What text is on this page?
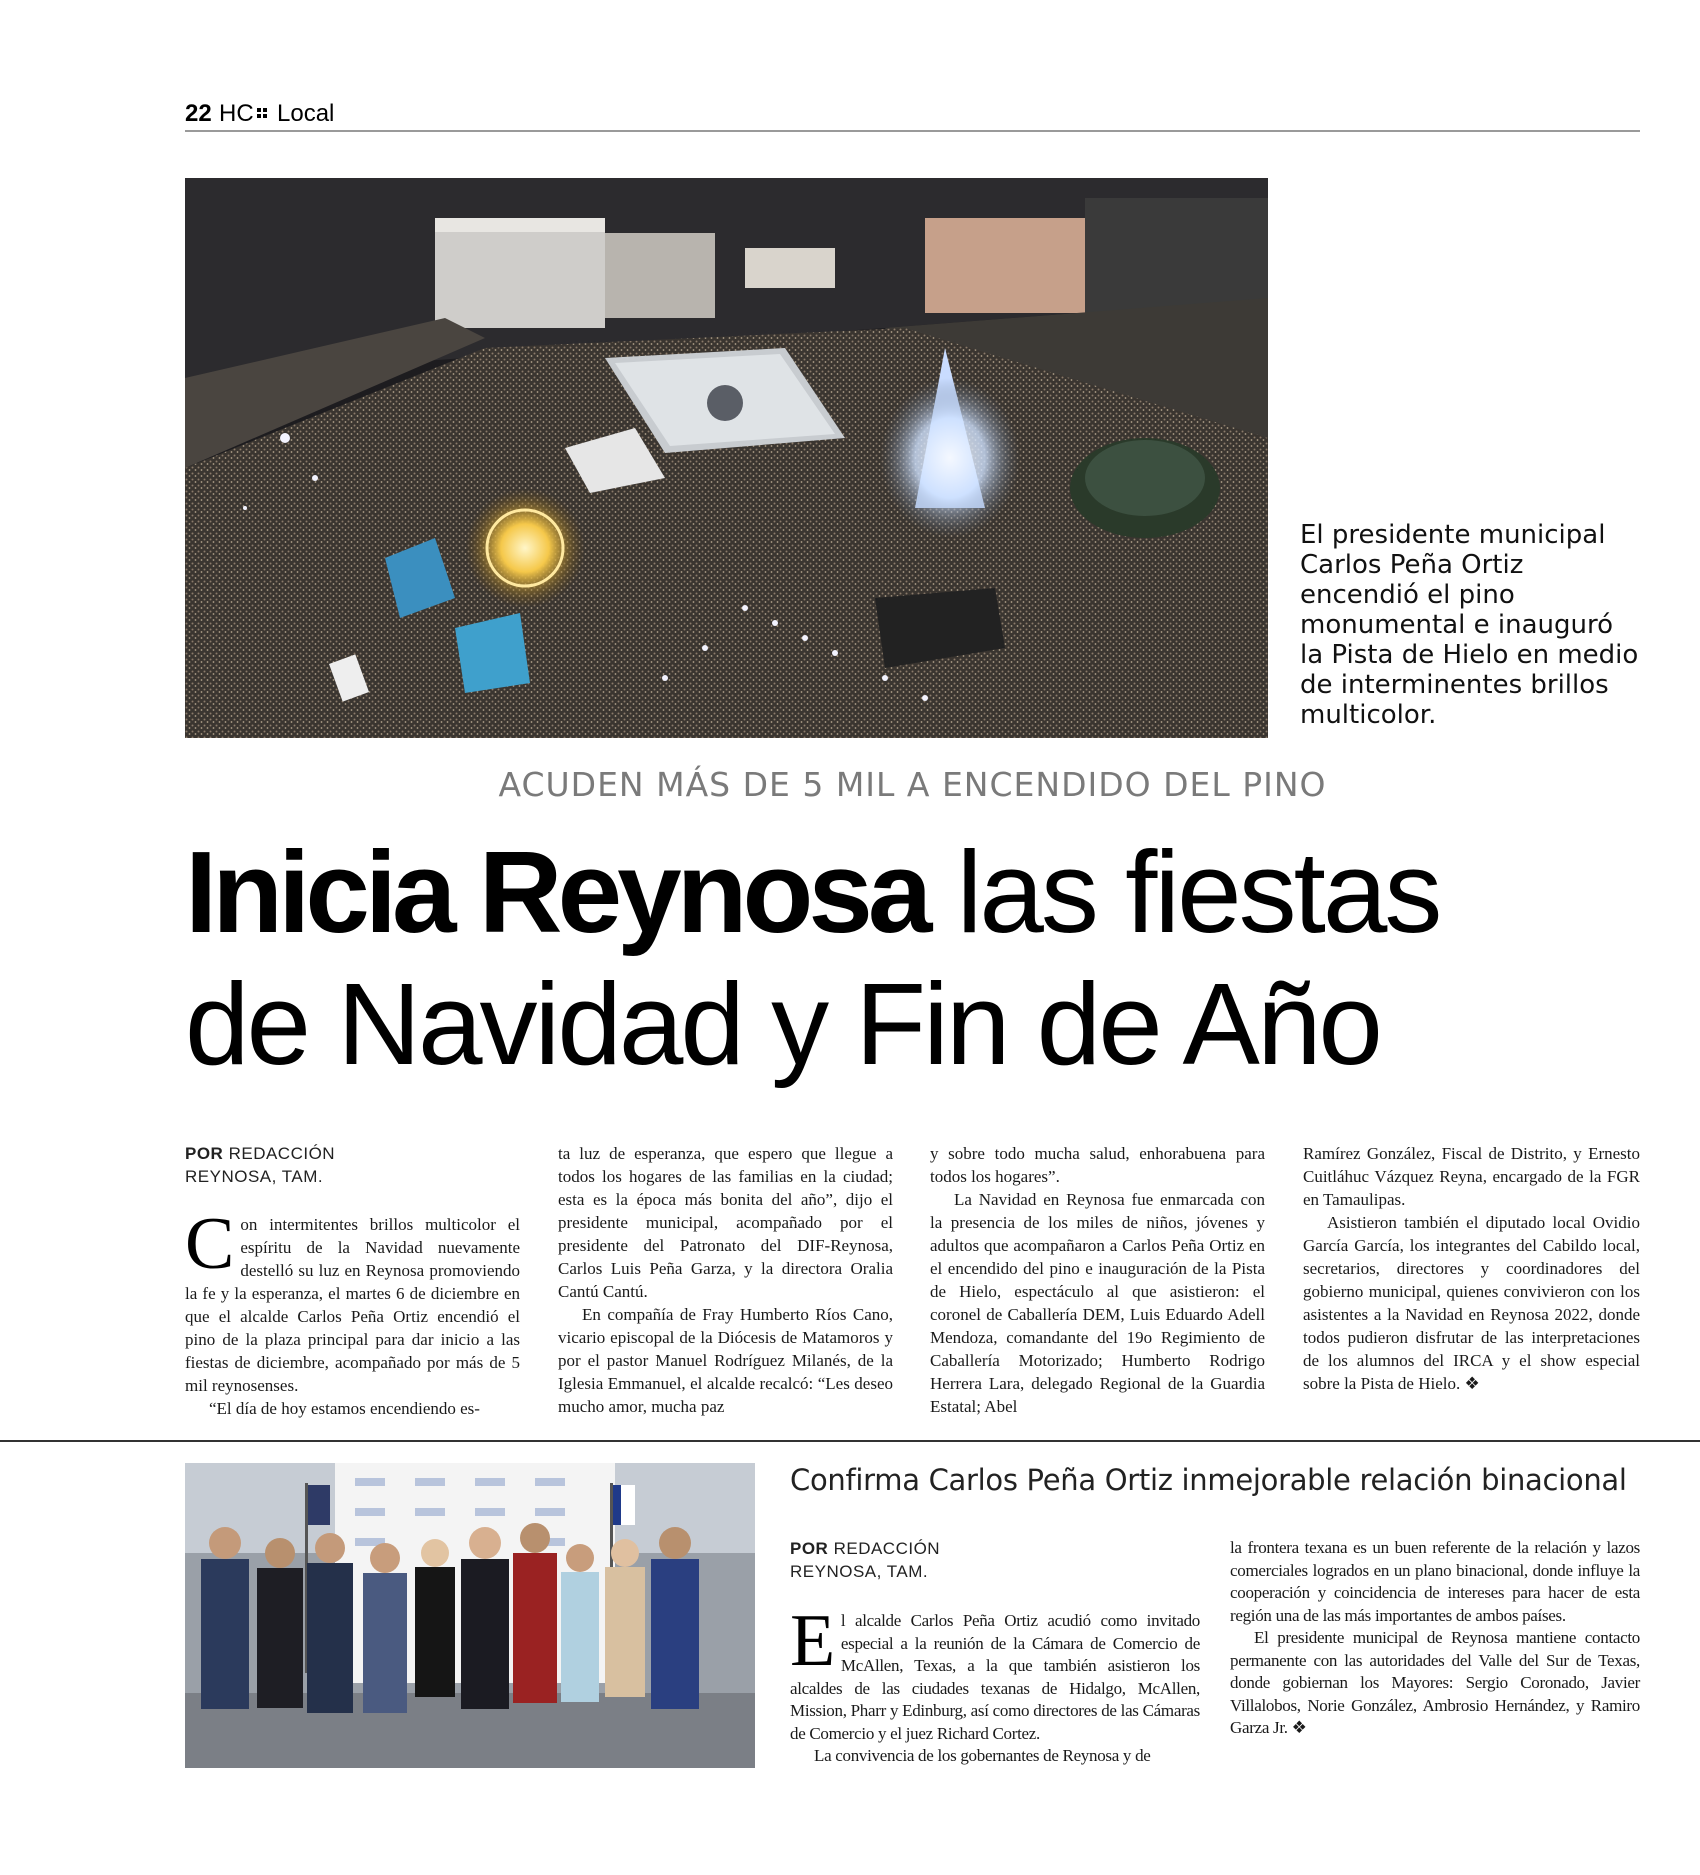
22 HC Local
El presidente municipal Carlos Peña Ortiz encendió el pino monumental e inauguró la Pista de Hielo en medio de interminentes brillos multicolor.
ACUDEN MÁS DE 5 MIL A ENCENDIDO DEL PINO
Inicia Reynosa las fiestas
de Navidad y Fin de Año
POR REDACCIÓN
REYNOSA, TAM.

Con intermitentes brillos multicolor el espíritu de la Navidad nuevamente destelló su luz en Reynosa promoviendo la fe y la esperanza, el martes 6 de diciembre en que el alcalde Carlos Peña Ortiz encendió el pino de la plaza principal para dar inicio a las fiestas de diciembre, acompañado por más de 5 mil reynosenses.

“El día de hoy estamos encendiendo es-

ta luz de esperanza, que espero que llegue a todos los hogares de las familias en la ciudad; esta es la época más bonita del año”, dijo el presidente municipal, acompañado por el presidente del Patronato del DIF-Reynosa, Carlos Luis Peña Garza, y la directora Oralia Cantú Cantú.

En compañía de Fray Humberto Ríos Cano, vicario episcopal de la Diócesis de Matamoros y por el pastor Manuel Rodríguez Milanés, de la Iglesia Emmanuel, el alcalde recalcó: “Les deseo mucho amor, mucha paz

y sobre todo mucha salud, enhorabuena para todos los hogares”.

La Navidad en Reynosa fue enmarcada con la presencia de los miles de niños, jóvenes y adultos que acompañaron a Carlos Peña Ortiz en el encendido del pino e inauguración de la Pista de Hielo, espectáculo al que asistieron: el coronel de Caballería DEM, Luis Eduardo Adell Mendoza, comandante del 19o Regimiento de Caballería Motorizado; Humberto Rodrigo Herrera Lara, delegado Regional de la Guardia Estatal; Abel

Ramírez González, Fiscal de Distrito, y Ernesto Cuitláhuc Vázquez Reyna, encargado de la FGR en Tamaulipas.

Asistieron también el diputado local Ovidio García García, los integrantes del Cabildo local, secretarios, directores y coordinadores del gobierno municipal, quienes convivieron con los asistentes a la Navidad en Reynosa 2022, donde todos pudieron disfrutar de las interpretaciones de los alumnos del IRCA y el show especial sobre la Pista de Hielo. ❖

Confirma Carlos Peña Ortiz inmejorable relación binacional
POR REDACCIÓN
REYNOSA, TAM.

El alcalde Carlos Peña Ortiz acudió como invitado especial a la reunión de la Cámara de Comercio de McAllen, Texas, a la que también asistieron los alcaldes de las ciudades texanas de Hidalgo, McAllen, Mission, Pharr y Edinburg, así como directores de las Cámaras de Comercio y el juez Richard Cortez.

La convivencia de los gobernantes de Reynosa y de

la frontera texana es un buen referente de la relación y lazos comerciales logrados en un plano binacional, donde influye la cooperación y coincidencia de intereses para hacer de esta región una de las más importantes de ambos países.

El presidente municipal de Reynosa mantiene contacto permanente con las autoridades del Valle del Sur de Texas, donde gobiernan los Mayores: Sergio Coronado, Javier Villalobos, Norie González, Ambrosio Hernández, y Ramiro Garza Jr. ❖
